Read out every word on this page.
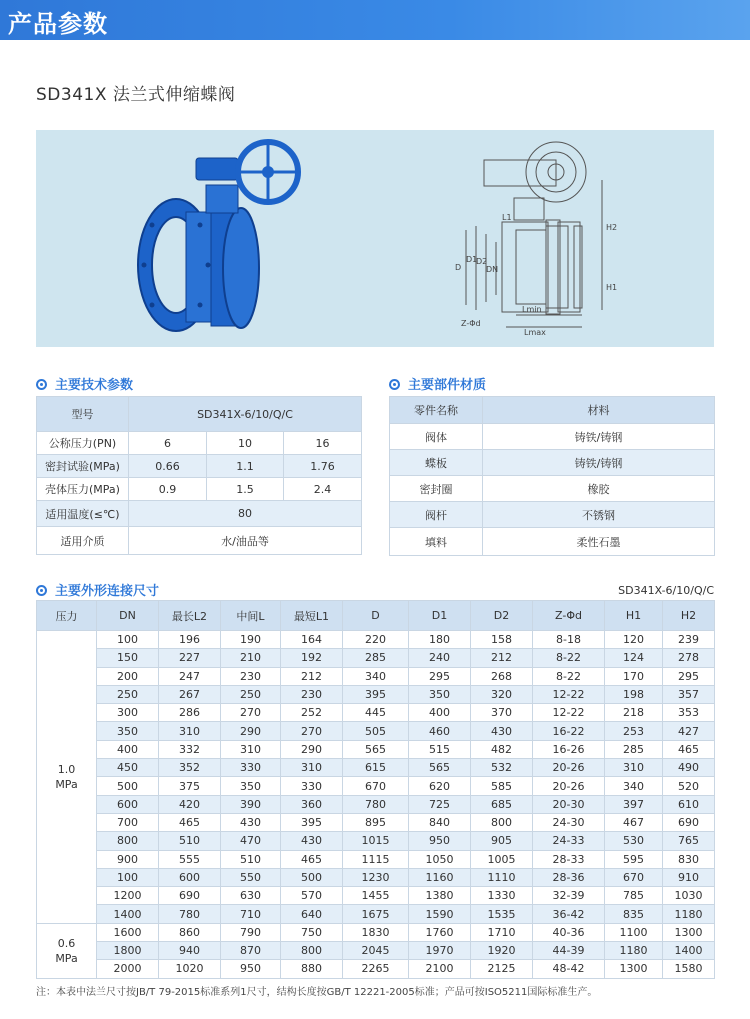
产品参数
SD341X 法兰式伸缩蝶阀
D
D1
D2
DN
L1
H2
H1
Z-Φd
Lmin
Lmax
主要技术参数	主要部件材质
型号	SD341X-6/10/Q/C		
公称压力(PN)	6	10	16
密封试验(MPa)	0.66	1.1	1.76
壳体压力(MPa)	0.9	1.5	2.4
适用温度(≤℃)	80		
适用介质	水/油品等		
零件名称	材料
阀体	铸铁/铸钢
蝶板	铸铁/铸钢
密封圈	橡胶
阀杆	不锈钢
填料	柔性石墨
主要外形连接尺寸	SD341X-6/10/Q/C
压力	DN	最长L2	中间L	最短L1	D	D1	D2	Z-Φd	H1	H2

1.0
MPa	100	196	190	164	220	180	158	8-18	120	239
	150	227	210	192	285	240	212	8-22	124	278
	200	247	230	212	340	295	268	8-22	170	295
	250	267	250	230	395	350	320	12-22	198	357
	300	286	270	252	445	400	370	12-22	218	353
	350	310	290	270	505	460	430	16-22	253	427
	400	332	310	290	565	515	482	16-26	285	465
	450	352	330	310	615	565	532	20-26	310	490
	500	375	350	330	670	620	585	20-26	340	520
	600	420	390	360	780	725	685	20-30	397	610
	700	465	430	395	895	840	800	24-30	467	690
	800	510	470	430	1015	950	905	24-33	530	765
	900	555	510	465	1115	1050	1005	28-33	595	830
	100	600	550	500	1230	1160	1110	28-36	670	910
	1200	690	630	570	1455	1380	1330	32-39	785	1030
	1400	780	710	640	1675	1590	1535	36-42	835	1180

0.6
MPa	1600	860	790	750	1830	1760	1710	40-36	1100	1300
	1800	940	870	800	2045	1970	1920	44-39	1180	1400
	2000	1020	950	880	2265	2100	2125	48-42	1300	1580
注：本表中法兰尺寸按JB/T 79-2015标准系列1尺寸，结构长度按GB/T 12221-2005标准；产品可按ISO5211国际标准生产。
